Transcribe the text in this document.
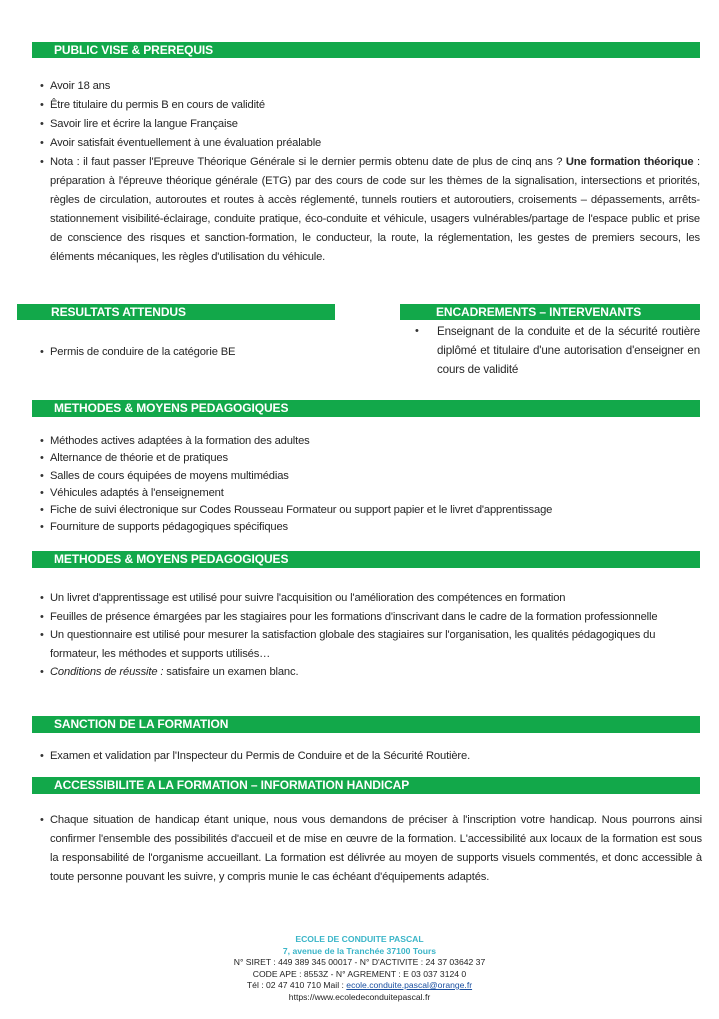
PUBLIC VISE & PREREQUIS
• Avoir 18 ans
• Être titulaire du permis B en cours de validité
• Savoir lire et écrire la langue Française
• Avoir satisfait éventuellement à une évaluation préalable
• Nota : il faut passer l'Epreuve Théorique Générale si le dernier permis obtenu date de plus de cinq ans ? Une formation théorique : préparation à l'épreuve théorique générale (ETG) par des cours de code sur les thèmes de la signalisation, intersections et priorités, règles de circulation, autoroutes et routes à accès réglementé, tunnels routiers et autoroutiers, croisements – dépassements, arrêts-stationnement visibilité-éclairage, conduite pratique, éco-conduite et véhicule, usagers vulnérables/partage de l'espace public et prise de conscience des risques et sanction-formation, le conducteur, la route, la réglementation, les gestes de premiers secours, les éléments mécaniques, les règles d'utilisation du véhicule.
RESULTATS ATTENDUS
• Permis de conduire de la catégorie BE
ENCADREMENTS – INTERVENANTS
• Enseignant de la conduite et de la sécurité routière diplômé et titulaire d'une autorisation d'enseigner en cours de validité
METHODES & MOYENS PEDAGOGIQUES
• Méthodes actives adaptées à la formation des adultes
• Alternance de théorie et de pratiques
• Salles de cours équipées de moyens multimédias
• Véhicules adaptés à l'enseignement
• Fiche de suivi électronique sur Codes Rousseau Formateur ou support papier et le livret d'apprentissage
• Fourniture de supports pédagogiques spécifiques
METHODES & MOYENS PEDAGOGIQUES
• Un livret d'apprentissage est utilisé pour suivre l'acquisition ou l'amélioration des compétences en formation
• Feuilles de présence émargées par les stagiaires pour les formations d'inscrivant dans le cadre de la formation professionnelle
• Un questionnaire est utilisé pour mesurer la satisfaction globale des stagiaires sur l'organisation, les qualités pédagogiques du formateur, les méthodes et supports utilisés…
• Conditions de réussite : satisfaire un examen blanc.
SANCTION DE LA FORMATION
• Examen et validation par l'Inspecteur du Permis de Conduire et de la Sécurité Routière.
ACCESSIBILITE A LA FORMATION – INFORMATION HANDICAP
• Chaque situation de handicap étant unique, nous vous demandons de préciser à l'inscription votre handicap. Nous pourrons ainsi confirmer l'ensemble des possibilités d'accueil et de mise en œuvre de la formation. L'accessibilité aux locaux de la formation est sous la responsabilité de l'organisme accueillant. La formation est délivrée au moyen de supports visuels commentés, et donc accessible à toute personne pouvant les suivre, y compris munie le cas échéant d'équipements adaptés.
ECOLE DE CONDUITE PASCAL
7, avenue de la Tranchée 37100 Tours
N° SIRET : 449 389 345 00017 - N° D'ACTIVITE : 24 37 03642 37
CODE APE : 8553Z - N° AGREMENT : E 03 037 3124 0
Tél : 02 47 410 710 Mail : ecole.conduite.pascal@orange.fr
https://www.ecoledeconduitepascal.fr
